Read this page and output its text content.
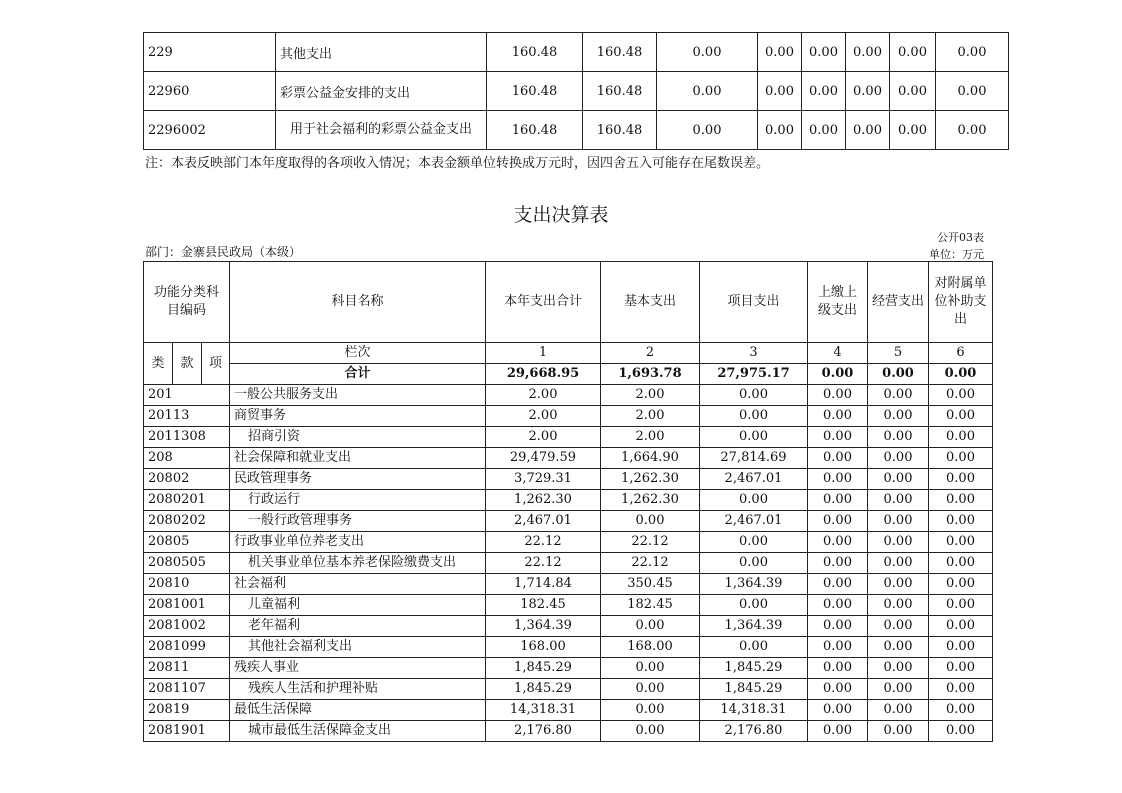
229	其他支出	160.48	160.48	0.00	0.00	0.00	0.00	0.00	0.00
22960	彩票公益金安排的支出	160.48	160.48	0.00	0.00	0.00	0.00	0.00	0.00
2296002	用于社会福利的彩票公益金支出	160.48	160.48	0.00	0.00	0.00	0.00	0.00	0.00
注：本表反映部门本年度取得的各项收入情况；本表金额单位转换成万元时，因四舍五入可能存在尾数误差。
支出决算表
公开03表
单位：万元
部门：金寨县民政局（本级）
功能分类科目编码			科目名称	本年支出合计	基本支出	项目支出	上缴上级支出	经营支出	对附属单位补助支出
类	款	项	栏次	1	2	3	4	5	6
			合计	29,668.95	1,693.78	27,975.17	0.00	0.00	0.00
201			一般公共服务支出	2.00	2.00	0.00	0.00	0.00	0.00
20113			商贸事务	2.00	2.00	0.00	0.00	0.00	0.00
2011308			招商引资	2.00	2.00	0.00	0.00	0.00	0.00
208			社会保障和就业支出	29,479.59	1,664.90	27,814.69	0.00	0.00	0.00
20802			民政管理事务	3,729.31	1,262.30	2,467.01	0.00	0.00	0.00
2080201			行政运行	1,262.30	1,262.30	0.00	0.00	0.00	0.00
2080202			一般行政管理事务	2,467.01	0.00	2,467.01	0.00	0.00	0.00
20805			行政事业单位养老支出	22.12	22.12	0.00	0.00	0.00	0.00
2080505			机关事业单位基本养老保险缴费支出	22.12	22.12	0.00	0.00	0.00	0.00
20810			社会福利	1,714.84	350.45	1,364.39	0.00	0.00	0.00
2081001			儿童福利	182.45	182.45	0.00	0.00	0.00	0.00
2081002			老年福利	1,364.39	0.00	1,364.39	0.00	0.00	0.00
2081099			其他社会福利支出	168.00	168.00	0.00	0.00	0.00	0.00
20811			残疾人事业	1,845.29	0.00	1,845.29	0.00	0.00	0.00
2081107			残疾人生活和护理补贴	1,845.29	0.00	1,845.29	0.00	0.00	0.00
20819			最低生活保障	14,318.31	0.00	14,318.31	0.00	0.00	0.00
2081901			城市最低生活保障金支出	2,176.80	0.00	2,176.80	0.00	0.00	0.00
